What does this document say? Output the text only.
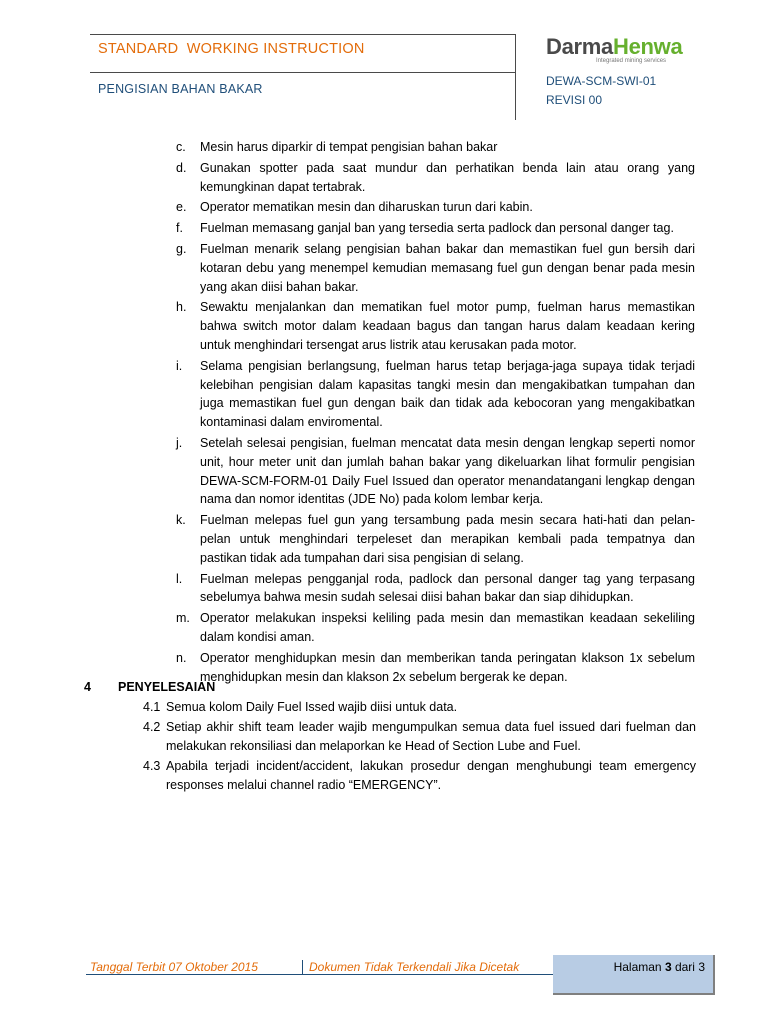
STANDARD  WORKING INSTRUCTION
PENGISIAN BAHAN BAKAR
DarmaHenwa
Integrated mining services
DEWA-SCM-SWI-01
REVISI 00
c. Mesin harus diparkir di tempat pengisian bahan bakar
d. Gunakan spotter pada saat mundur dan perhatikan benda lain atau orang yang kemungkinan dapat tertabrak.
e. Operator mematikan mesin dan diharuskan turun dari kabin.
f. Fuelman memasang ganjal ban yang tersedia serta padlock dan personal danger tag.
g. Fuelman menarik selang pengisian bahan bakar dan memastikan fuel gun bersih dari kotaran debu yang menempel kemudian memasang fuel gun dengan benar pada mesin yang akan diisi bahan bakar.
h. Sewaktu menjalankan dan mematikan fuel motor pump, fuelman harus memastikan bahwa switch motor dalam keadaan bagus dan tangan harus dalam keadaan kering untuk menghindari tersengat arus listrik atau kerusakan pada motor.
i. Selama pengisian berlangsung, fuelman harus tetap berjaga-jaga supaya tidak terjadi kelebihan pengisian dalam kapasitas tangki mesin dan mengakibatkan tumpahan dan juga memastikan fuel gun dengan baik dan tidak ada kebocoran yang mengakibatkan kontaminasi dalam enviromental.
j. Setelah selesai pengisian, fuelman mencatat data mesin dengan lengkap seperti nomor unit, hour meter unit dan jumlah bahan bakar yang dikeluarkan lihat formulir pengisian DEWA-SCM-FORM-01 Daily Fuel Issued dan operator menandatangani lengkap dengan nama dan nomor identitas (JDE No) pada kolom lembar kerja.
k. Fuelman melepas fuel gun yang tersambung pada mesin secara hati-hati dan pelan-pelan untuk menghindari terpeleset dan merapikan kembali pada tempatnya dan pastikan tidak ada tumpahan dari sisa pengisian di selang.
l. Fuelman melepas pengganjal roda, padlock dan personal danger tag yang terpasang sebelumya bahwa mesin sudah selesai diisi bahan bakar dan siap dihidupkan.
m. Operator melakukan inspeksi keliling pada mesin dan memastikan keadaan sekeliling dalam kondisi aman.
n. Operator menghidupkan mesin dan memberikan tanda peringatan klakson 1x sebelum menghidupkan mesin dan klakson 2x sebelum bergerak ke depan.
4 PENYELESAIAN
4.1 Semua kolom Daily Fuel Issed wajib diisi untuk data.
4.2 Setiap akhir shift team leader wajib mengumpulkan semua data fuel issued dari fuelman dan melakukan rekonsiliasi dan melaporkan ke Head of Section Lube and Fuel.
4.3 Apabila terjadi incident/accident, lakukan prosedur dengan menghubungi team emergency responses melalui channel radio “EMERGENCY”.
Tanggal Terbit 07 Oktober 2015	Dokumen Tidak Terkendali Jika Dicetak	Halaman 3 dari 3
